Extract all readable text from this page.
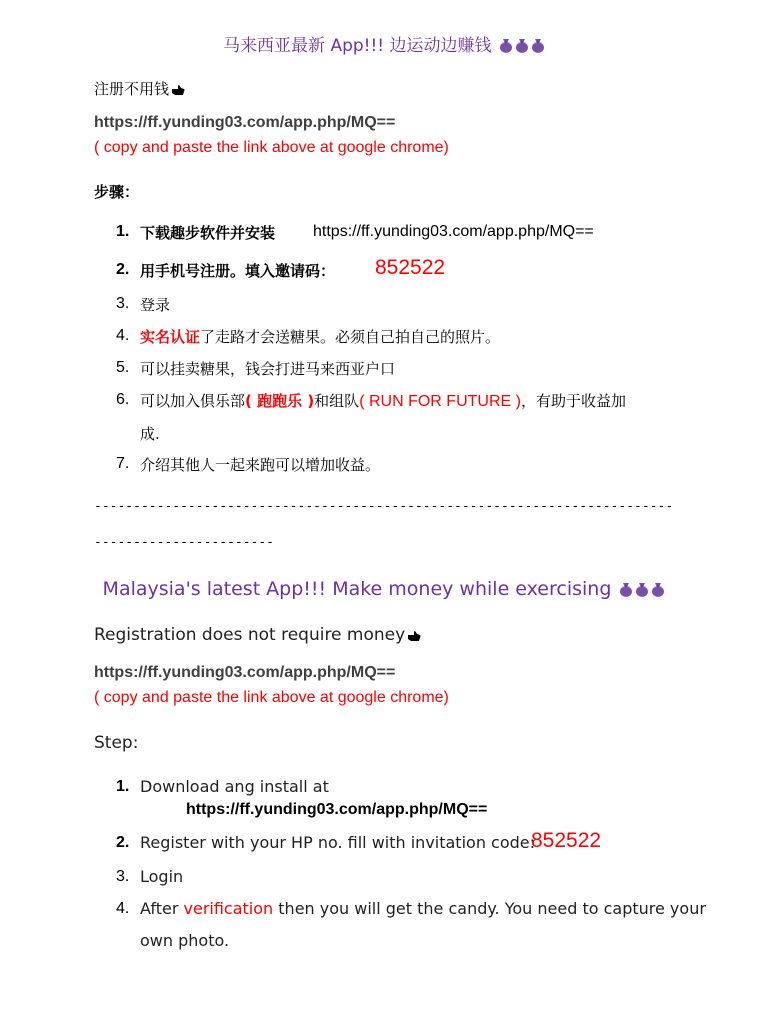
马来西亚最新 App!!! 边运动边赚钱
注册不用钱
https://ff.yunding03.com/app.php/MQ==
( copy and paste the link above at google chrome)
步骤：
1. 下载趣步软件并安装 https://ff.yunding03.com/app.php/MQ==
2. 用手机号注册。填入邀请码： 852522
3. 登录
4. 实名认证了走路才会送糖果。必须自己拍自己的照片。
5. 可以挂卖糖果，钱会打进马来西亚户口
6. 可以加入俱乐部( 跑跑乐 )和组队( RUN FOR FUTURE )，有助于收益加
成.
7. 介绍其他人一起来跑可以增加收益。
--------------------------------------------------------------------------
-----------------------
Malaysia's latest App!!! Make money while exercising
Registration does not require money
https://ff.yunding03.com/app.php/MQ==
( copy and paste the link above at google chrome)
Step:
1. Download ang install at
https://ff.yunding03.com/app.php/MQ==
2. Register with your HP no. fill with invitation code:
852522
3. Login
4. After verification then you will get the candy. You need to capture your
own photo.
